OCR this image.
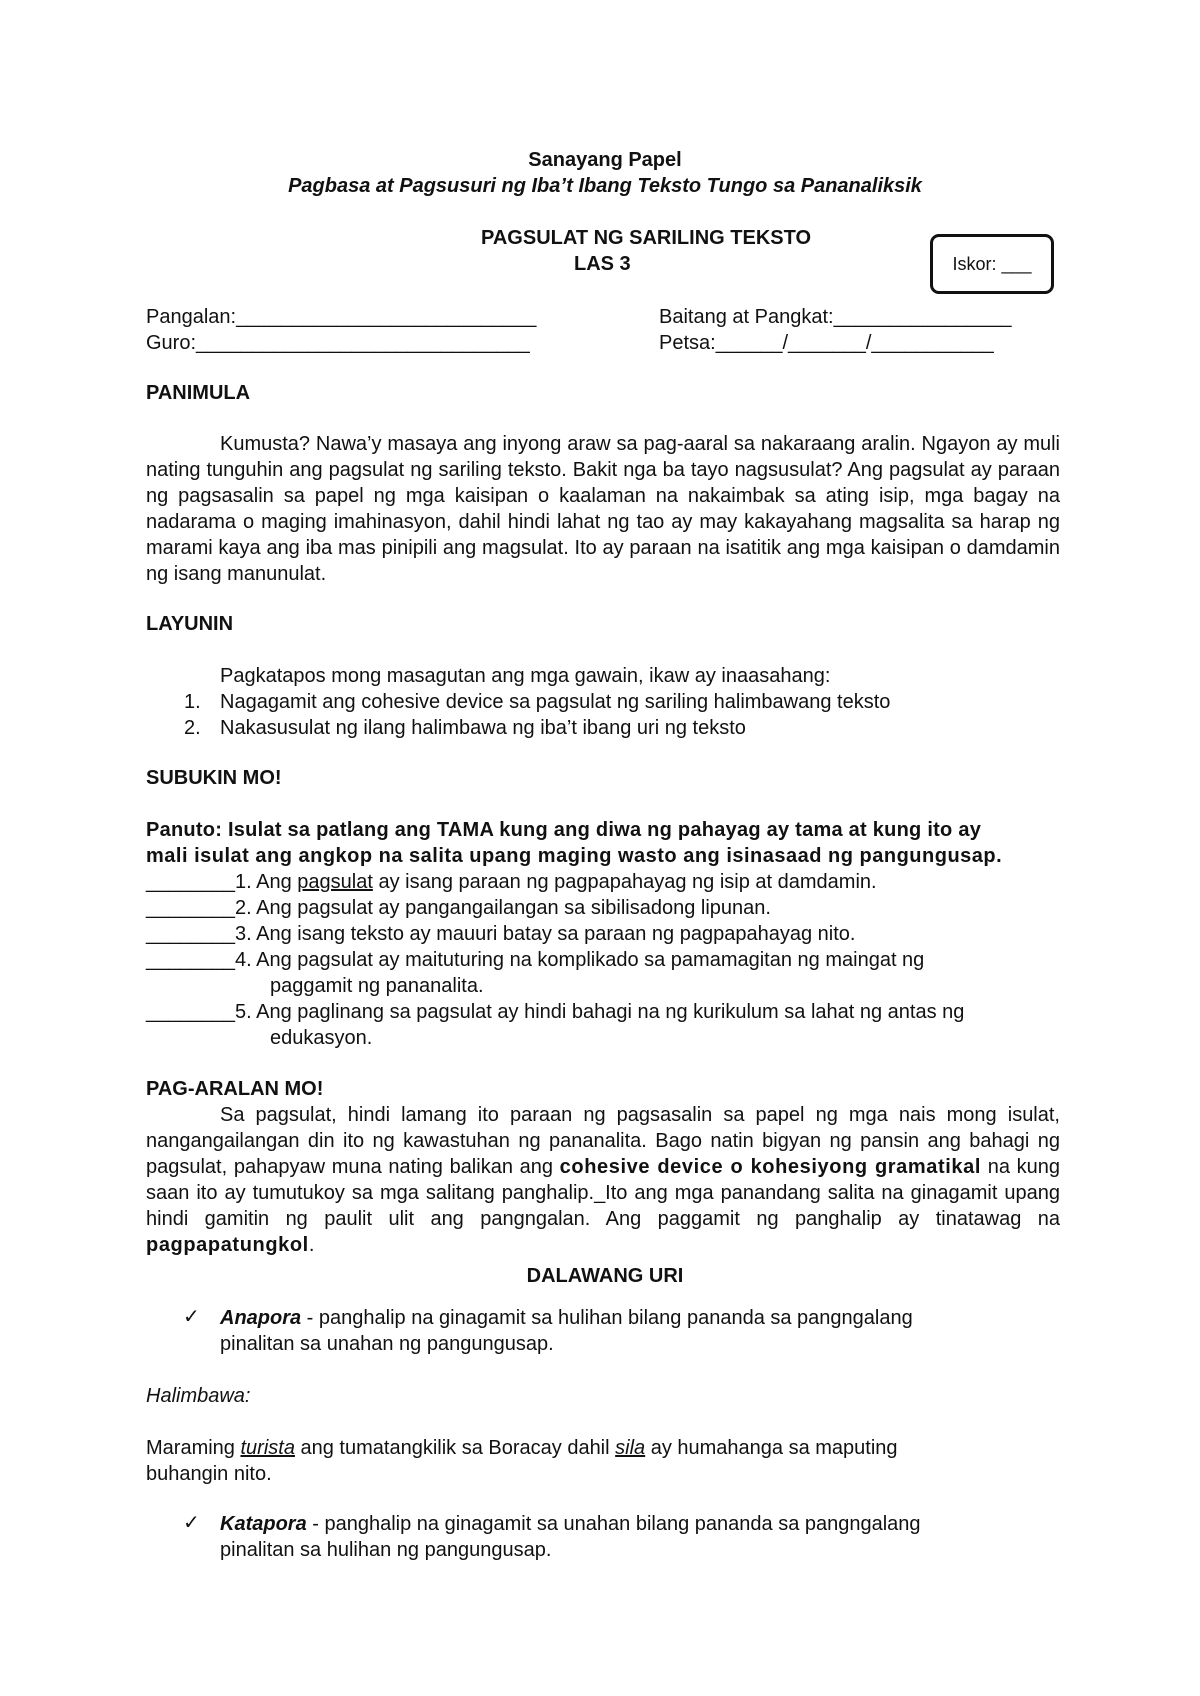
Sanayang Papel
Pagbasa at Pagsusuri ng Iba’t Ibang Teksto Tungo sa Pananaliksik
PAGSULAT NG SARILING TEKSTO
LAS 3	Iskor: ___
Pangalan:___________________________	Baitang at Pangkat:________________
Guro:______________________________	Petsa:______/_______/___________
PANIMULA
Kumusta? Nawa’y masaya ang inyong araw sa pag-aaral sa nakaraang aralin. Ngayon ay muli nating tunguhin ang pagsulat ng sariling teksto. Bakit nga ba tayo nagsusulat? Ang pagsulat ay paraan ng pagsasalin sa papel ng mga kaisipan o kaalaman na nakaimbak sa ating isip, mga bagay na nadarama o maging imahinasyon, dahil hindi lahat ng tao ay may kakayahang magsalita sa harap ng marami kaya ang iba mas pinipili ang magsulat. Ito ay paraan na isatitik ang mga kaisipan o damdamin ng isang manunulat.
LAYUNIN
Pagkatapos mong masagutan ang mga gawain, ikaw ay inaasahang:
1. Nagagamit ang cohesive device sa pagsulat ng sariling halimbawang teksto
2. Nakasusulat ng ilang halimbawa ng iba’t ibang uri ng teksto
SUBUKIN MO!
Panuto: Isulat sa patlang ang TAMA kung ang diwa ng pahayag ay tama at kung ito ay
mali isulat ang angkop na salita upang maging wasto ang isinasaad ng pangungusap.
________1. Ang pagsulat ay isang paraan ng pagpapahayag ng isip at damdamin.
________2. Ang pagsulat ay pangangailangan sa sibilisadong lipunan.
________3. Ang isang teksto ay mauuri batay sa paraan ng pagpapahayag nito.
________4. Ang pagsulat ay maituturing na komplikado sa pamamagitan ng maingat ng
paggamit ng pananalita.
________5. Ang paglinang sa pagsulat ay hindi bahagi na ng kurikulum sa lahat ng antas ng
edukasyon.
PAG-ARALAN MO!
Sa pagsulat, hindi lamang ito paraan ng pagsasalin sa papel ng mga nais mong isulat, nangangailangan din ito ng kawastuhan ng pananalita. Bago natin bigyan ng pansin ang bahagi ng pagsulat, pahapyaw muna nating balikan ang cohesive device o kohesiyong gramatikal na kung saan ito ay tumutukoy sa mga salitang panghalip._Ito ang mga panandang salita na ginagamit upang hindi gamitin ng paulit ulit ang pangngalan. Ang paggamit ng panghalip ay tinatawag na pagpapatungkol.
DALAWANG URI
✓ Anapora - panghalip na ginagamit sa hulihan bilang pananda sa pangngalang
pinalitan sa unahan ng pangungusap.
Halimbawa:
Maraming turista ang tumatangkilik sa Boracay dahil sila ay humahanga sa maputing
buhangin nito.
✓ Katapora - panghalip na ginagamit sa unahan bilang pananda sa pangngalang
pinalitan sa hulihan ng pangungusap.
